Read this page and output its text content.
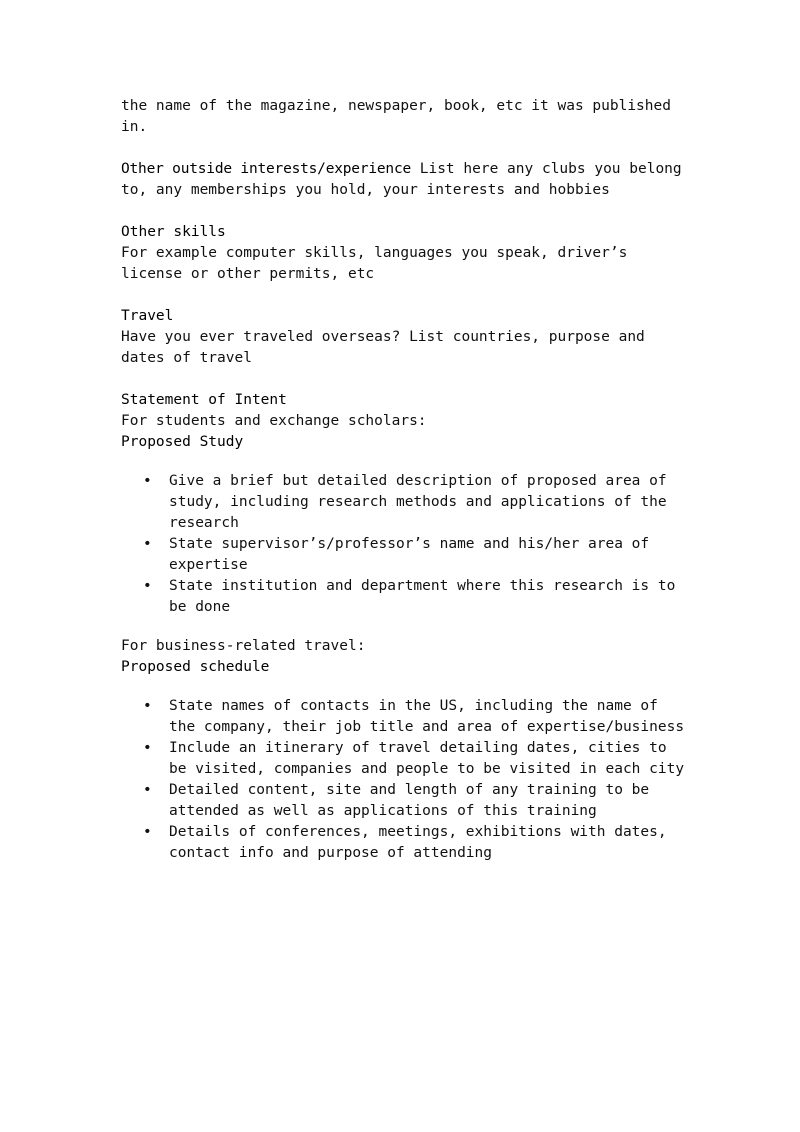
the name of the magazine, newspaper, book, etc it was published in.

Other outside interests/experience List here any clubs you belong to, any memberships you hold, your interests and hobbies

Other skills

For example computer skills, languages you speak, driver’s license or other permits, etc

Travel

Have you ever traveled overseas? List countries, purpose and dates of travel

Statement of Intent

For students and exchange scholars:

Proposed Study

• Give a brief but detailed description of proposed area of study, including research methods and applications of the research
• State supervisor’s/professor’s name and his/her area of expertise
• State institution and department where this research is to be done

For business-related travel:

Proposed schedule

• State names of contacts in the US, including the name of the company, their job title and area of expertise/business
• Include an itinerary of travel detailing dates, cities to be visited, companies and people to be visited in each city
• Detailed content, site and length of any training to be attended as well as applications of this training
• Details of conferences, meetings, exhibitions with dates, contact info and purpose of attending
